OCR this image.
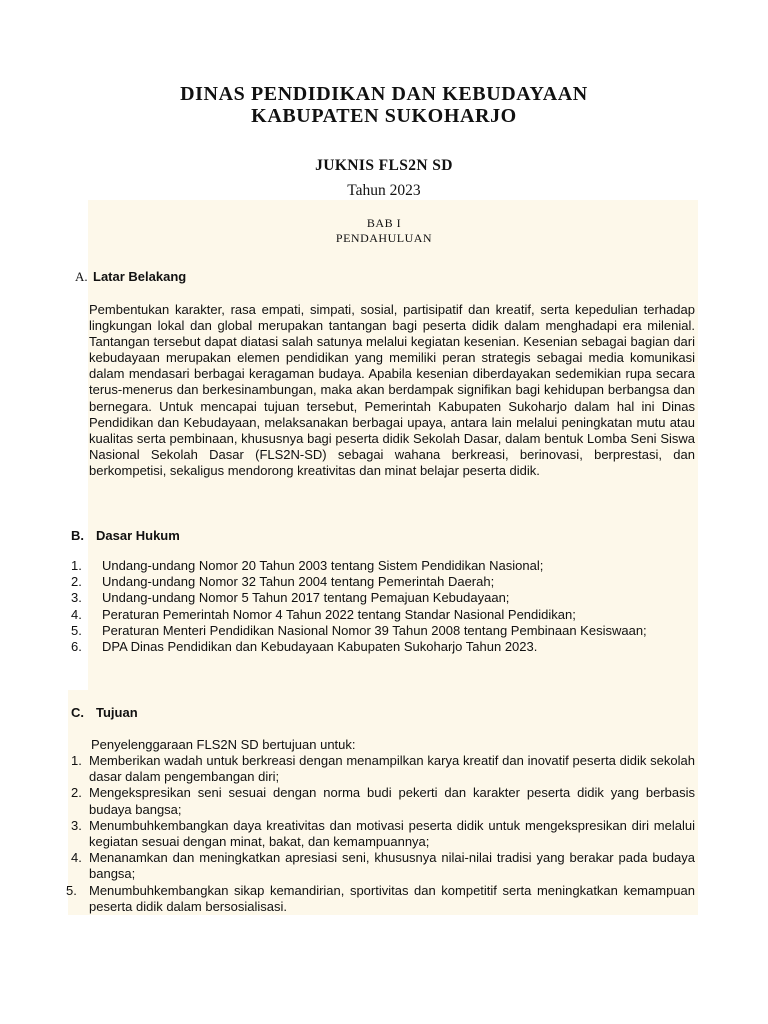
DINAS PENDIDIKAN DAN KEBUDAYAAN
KABUPATEN SUKOHARJO
JUKNIS FLS2N SD
Tahun 2023
BAB I
PENDAHULUAN
A. Latar Belakang
Pembentukan karakter, rasa empati, simpati, sosial, partisipatif dan kreatif, serta kepedulian terhadap lingkungan lokal dan global merupakan tantangan bagi peserta didik dalam menghadapi era milenial. Tantangan tersebut dapat diatasi salah satunya melalui kegiatan kesenian. Kesenian sebagai bagian dari kebudayaan merupakan elemen pendidikan yang memiliki peran strategis sebagai media komunikasi dalam mendasari berbagai keragaman budaya. Apabila kesenian diberdayakan sedemikian rupa secara terus-menerus dan berkesinambungan, maka akan berdampak signifikan bagi kehidupan berbangsa dan bernegara. Untuk mencapai tujuan tersebut, Pemerintah Kabupaten Sukoharjo dalam hal ini Dinas Pendidikan dan Kebudayaan, melaksanakan berbagai upaya, antara lain melalui peningkatan mutu atau kualitas serta pembinaan, khususnya bagi peserta didik Sekolah Dasar, dalam bentuk Lomba Seni Siswa Nasional Sekolah Dasar (FLS2N-SD) sebagai wahana berkreasi, berinovasi, berprestasi, dan berkompetisi, sekaligus mendorong kreativitas dan minat belajar peserta didik.
B. Dasar Hukum
1. Undang-undang Nomor 20 Tahun 2003 tentang Sistem Pendidikan Nasional;
2. Undang-undang Nomor 32 Tahun 2004 tentang Pemerintah Daerah;
3. Undang-undang Nomor 5 Tahun 2017 tentang Pemajuan Kebudayaan;
4. Peraturan Pemerintah Nomor 4 Tahun 2022 tentang Standar Nasional Pendidikan;
5. Peraturan Menteri Pendidikan Nasional Nomor 39 Tahun 2008 tentang Pembinaan Kesiswaan;
6. DPA Dinas Pendidikan dan Kebudayaan Kabupaten Sukoharjo Tahun 2023.
C. Tujuan
Penyelenggaraan FLS2N SD bertujuan untuk:
1. Memberikan wadah untuk berkreasi dengan menampilkan karya kreatif dan inovatif peserta didik sekolah dasar dalam pengembangan diri;
2. Mengekspresikan seni sesuai dengan norma budi pekerti dan karakter peserta didik yang berbasis budaya bangsa;
3. Menumbuhkembangkan daya kreativitas dan motivasi peserta didik untuk mengekspresikan diri melalui kegiatan sesuai dengan minat, bakat, dan kemampuannya;
4. Menanamkan dan meningkatkan apresiasi seni, khususnya nilai-nilai tradisi yang berakar pada budaya bangsa;
5. Menumbuhkembangkan sikap kemandirian, sportivitas dan kompetitif serta meningkatkan kemampuan peserta didik dalam bersosialisasi.
